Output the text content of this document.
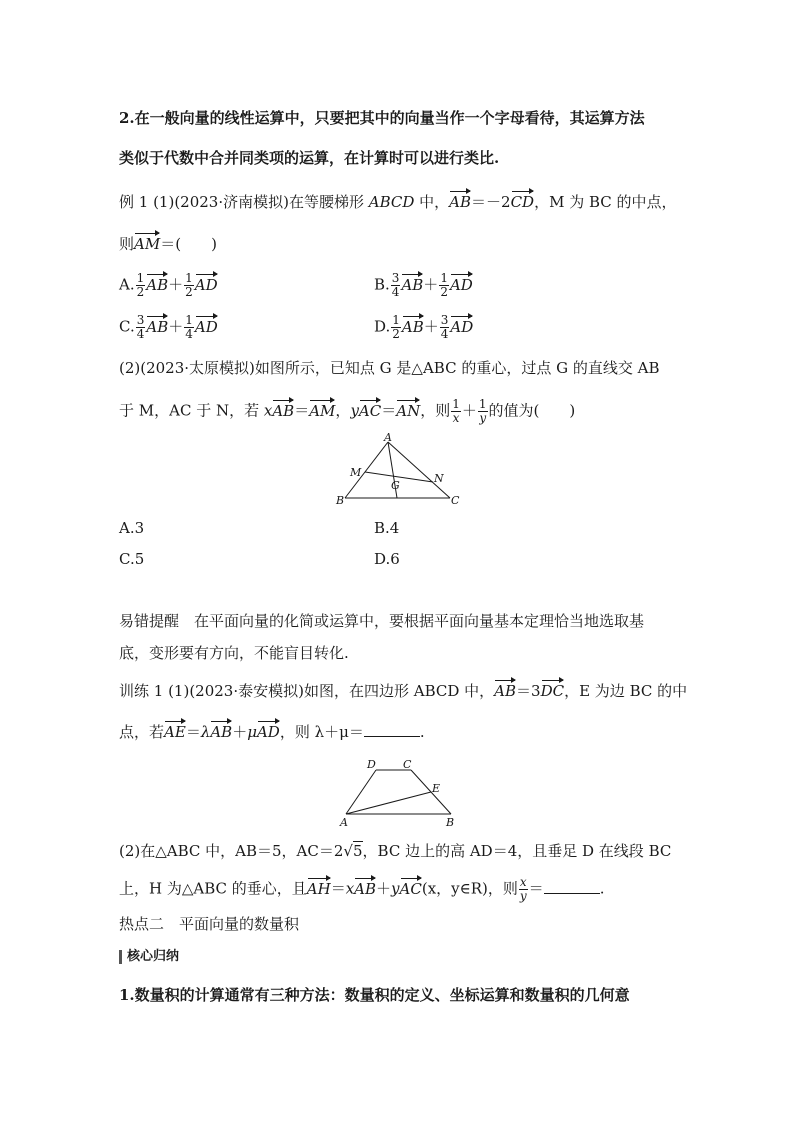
2.在一般向量的线性运算中，只要把其中的向量当作一个字母看待，其运算方法
类似于代数中合并同类项的运算，在计算时可以进行类比.
例 1 (1)(2023·济南模拟)在等腰梯形 ABCD 中，AB＝－2CD，M 为 BC 的中点，
则AM＝(　　)
A. $\frac{1}{2} AB+ \frac{1}{2}$ AD	B. $\frac{3}{4} AB+ \frac{1}{2}$ AD
C. $\frac{3}{4} AB+ \frac{1}{4}$ AD	D. $\frac{1}{2} AB+ \frac{3}{4}$ AD
(2)(2023·太原模拟)如图所示，已知点 G 是△ABC 的重心，过点 G 的直线交 AB
于 M，AC 于 N，若 xAB＝AM，yAC＝AN，则 $\frac{1}{x} + \frac{1}{y}$ 的值为(　　)
A
B	C
M	N
G
A.3	B.4
C.5	D.6
易错提醒　在平面向量的化简或运算中，要根据平面向量基本定理恰当地选取基
底，变形要有方向，不能盲目转化.
训练 1 (1)(2023·泰安模拟)如图，在四边形 ABCD 中，AB＝3DC，E 为边 BC 的中
点，若AE＝λAB＋μAD，则 λ＋μ＝	.
A	B
C
D
E
(2)在△ABC 中，AB＝5，AC＝2√5，BC 边上的高 AD＝4，且垂足 D 在线段 BC
上，H 为△ABC 的垂心，且AH＝xAB＋yAC(x，y∈R)，则 $\frac{x}{y}$ ＝	.
热点二　平面向量的数量积
核心归纳
1.数量积的计算通常有三种方法：数量积的定义、坐标运算和数量积的几何意
